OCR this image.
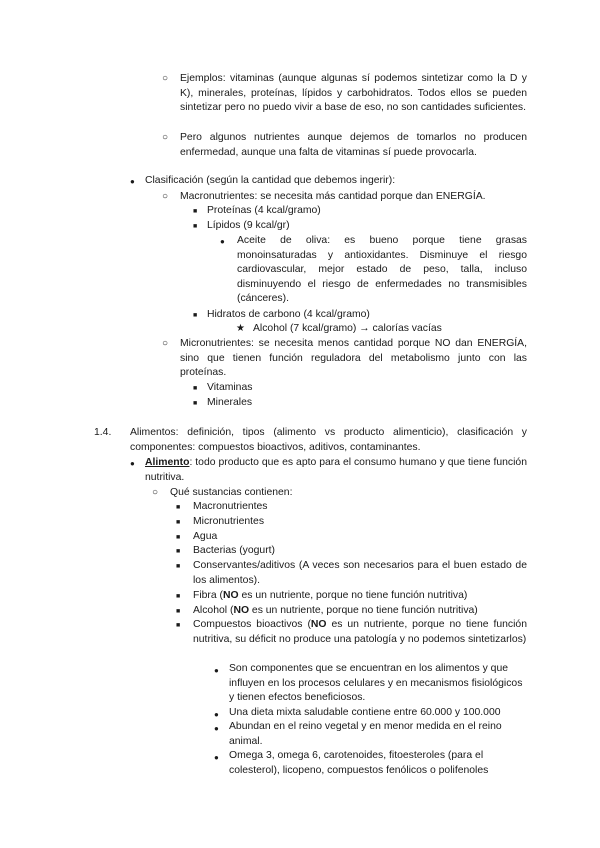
○ Ejemplos: vitaminas (aunque algunas sí podemos sintetizar como la D y K), minerales, proteínas, lípidos y carbohidratos. Todos ellos se pueden sintetizar pero no puedo vivir a base de eso, no son cantidades suficientes.
○ Pero algunos nutrientes aunque dejemos de tomarlos no producen enfermedad, aunque una falta de vitaminas sí puede provocarla.
● Clasificación (según la cantidad que debemos ingerir):
○ Macronutrientes: se necesita más cantidad porque dan ENERGÍA.
■ Proteínas (4 kcal/gramo)
■ Lípidos (9 kcal/gr)
● Aceite de oliva: es bueno porque tiene grasas monoinsaturadas y antioxidantes. Disminuye el riesgo cardiovascular, mejor estado de peso, talla, incluso disminuyendo el riesgo de enfermedades no transmisibles (cánceres).
■ Hidratos de carbono (4 kcal/gramo)
★ Alcohol (7 kcal/gramo) → calorías vacías
○ Micronutrientes: se necesita menos cantidad porque NO dan ENERGÍA, sino que tienen función reguladora del metabolismo junto con las proteínas.
■ Vitaminas
■ Minerales
1.4. Alimentos: definición, tipos (alimento vs producto alimenticio), clasificación y componentes: compuestos bioactivos, aditivos, contaminantes.
● Alimento: todo producto que es apto para el consumo humano y que tiene función nutritiva.
○ Qué sustancias contienen:
■ Macronutrientes
■ Micronutrientes
■ Agua
■ Bacterias (yogurt)
■ Conservantes/aditivos (A veces son necesarios para el buen estado de los alimentos).
■ Fibra (NO es un nutriente, porque no tiene función nutritiva)
■ Alcohol (NO es un nutriente, porque no tiene función nutritiva)
■ Compuestos bioactivos (NO es un nutriente, porque no tiene función nutritiva, su déficit no produce una patología y no podemos sintetizarlos)
● Son componentes que se encuentran en los alimentos y que influyen en los procesos celulares y en mecanismos fisiológicos y tienen efectos beneficiosos.
● Una dieta mixta saludable contiene entre 60.000 y 100.000
● Abundan en el reino vegetal y en menor medida en el reino animal.
● Omega 3, omega 6, carotenoides, fitoesteroles (para el colesterol), licopeno, compuestos fenólicos o polifenoles
